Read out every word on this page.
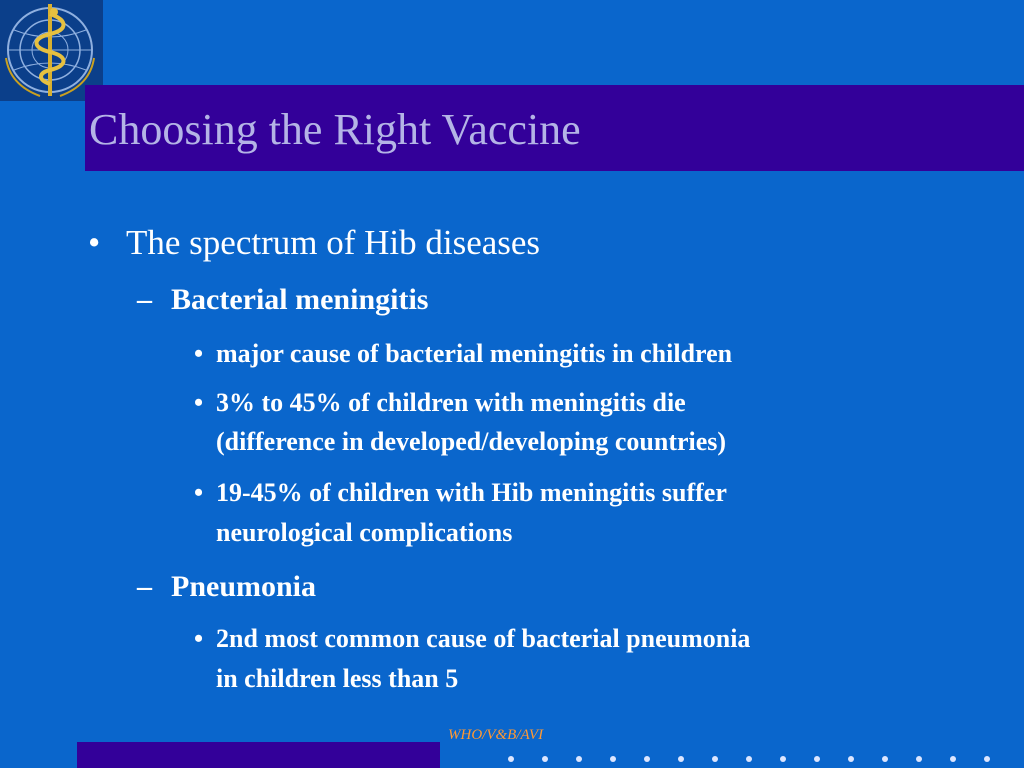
Choosing the Right Vaccine
• The spectrum of Hib diseases
– Bacterial meningitis
• major cause of bacterial meningitis in children
• 3% to 45% of children with meningitis die
(difference in developed/developing countries)
• 19-45% of children with Hib meningitis suffer
neurological complications
– Pneumonia
• 2nd most common cause of bacterial pneumonia
in children less than 5
WHO/V&B/AVI
